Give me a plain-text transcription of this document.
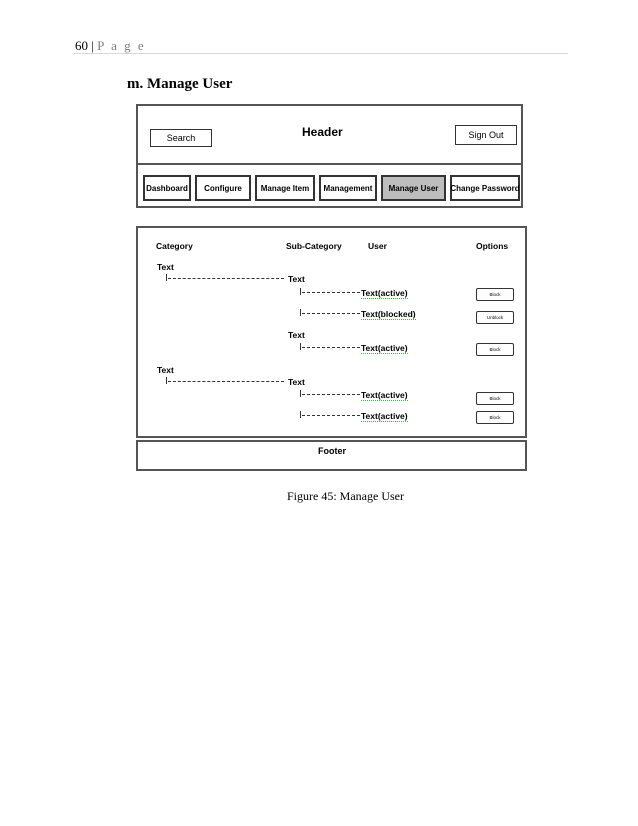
60 | P a g e
m. Manage User
Search	Header	Sign Out
Dashboard	Configure	Manage Item	Management	Manage User	Change Password
Category	Sub-Category	User	Options
Text
Text
Text(active)	Block
Text(blocked)	Unblock
Text
Text(active)	Block
Text
Text
Text(active)	Block
Text(active)	Block
Footer
Figure 45: Manage User
